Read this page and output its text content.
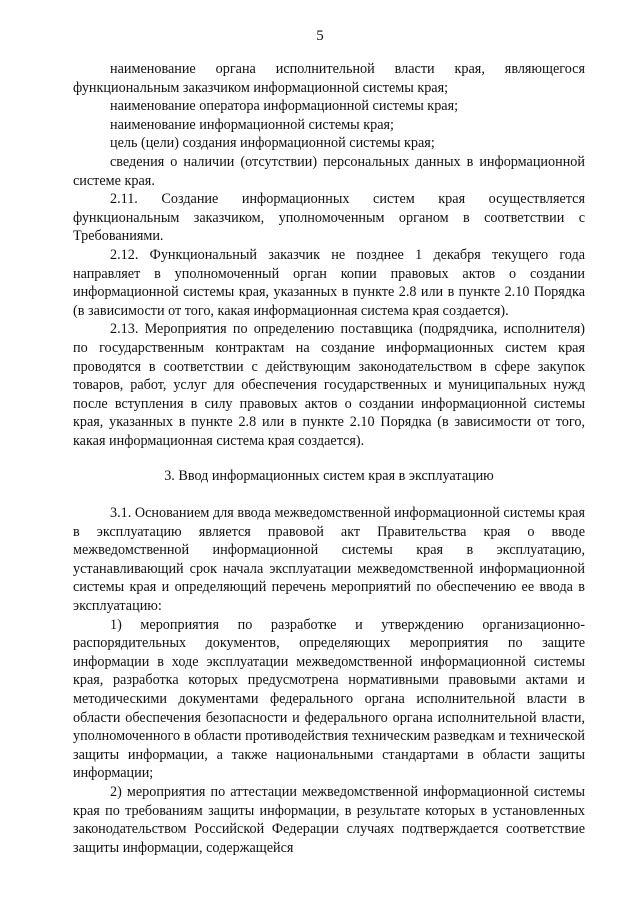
5

наименование органа исполнительной власти края, являющегося функциональным заказчиком информационной системы края;

наименование оператора информационной системы края;

наименование информационной системы края;

цель (цели) создания информационной системы края;

сведения о наличии (отсутствии) персональных данных в информационной системе края.

2.11. Создание информационных систем края осуществляется функциональным заказчиком, уполномоченным органом в соответствии с Требованиями.

2.12. Функциональный заказчик не позднее 1 декабря текущего года направляет в уполномоченный орган копии правовых актов о создании информационной системы края, указанных в пункте 2.8 или в пункте 2.10 Порядка (в зависимости от того, какая информационная система края создается).

2.13. Мероприятия по определению поставщика (подрядчика, исполнителя) по государственным контрактам на создание информационных систем края проводятся в соответствии с действующим законодательством в сфере закупок товаров, работ, услуг для обеспечения государственных и муниципальных нужд после вступления в силу правовых актов о создании информационной системы края, указанных в пункте 2.8 или в пункте 2.10 Порядка (в зависимости от того, какая информационная система края создается).

3. Ввод информационных систем края в эксплуатацию

3.1. Основанием для ввода межведомственной информационной системы края в эксплуатацию является правовой акт Правительства края о вводе межведомственной информационной системы края в эксплуатацию, устанавливающий срок начала эксплуатации межведомственной информационной системы края и определяющий перечень мероприятий по обеспечению ее ввода в эксплуатацию:

1) мероприятия по разработке и утверждению организационно-распорядительных документов, определяющих мероприятия по защите информации в ходе эксплуатации межведомственной информационной системы края, разработка которых предусмотрена нормативными правовыми актами и методическими документами федерального органа исполнительной власти в области обеспечения безопасности и федерального органа исполнительной власти, уполномоченного в области противодействия техническим разведкам и технической защиты информации, а также национальными стандартами в области защиты информации;

2) мероприятия по аттестации межведомственной информационной системы края по требованиям защиты информации, в результате которых в установленных законодательством Российской Федерации случаях подтверждается соответствие защиты информации, содержащейся
